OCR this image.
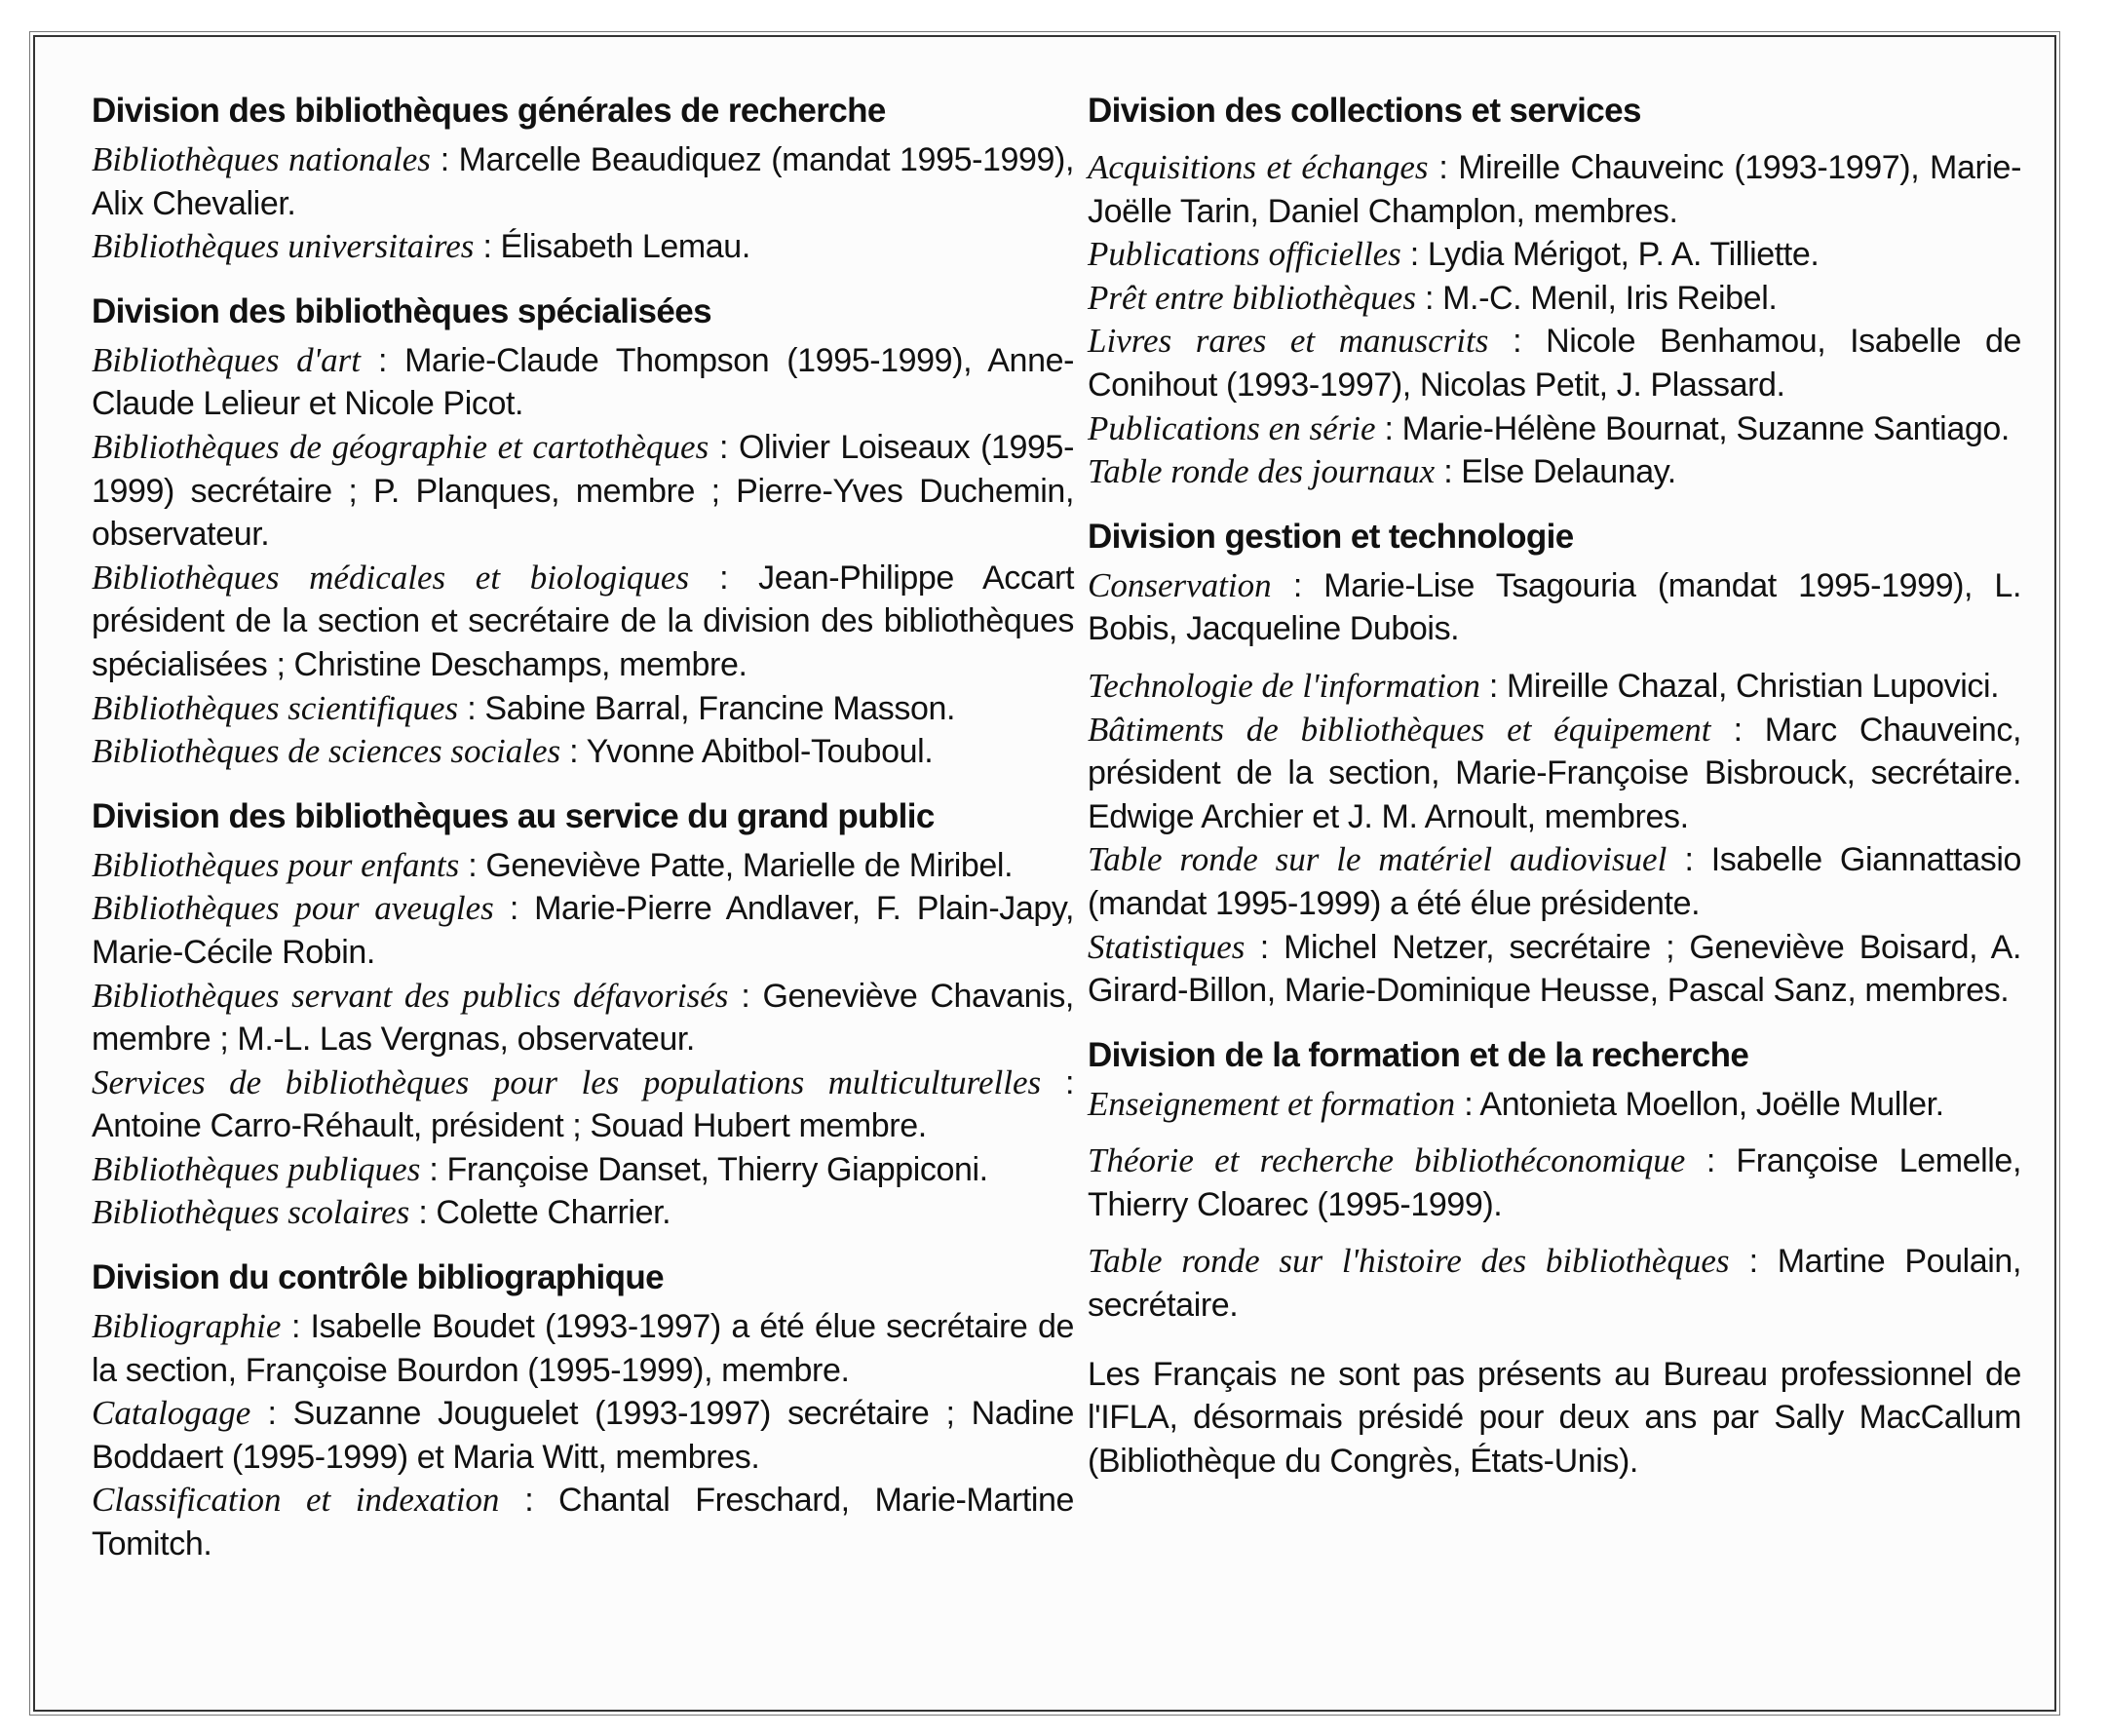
Division des bibliothèques générales de recherche

Bibliothèques nationales : Marcelle Beaudiquez (mandat 1995-1999), Alix Chevalier.

Bibliothèques universitaires : Élisabeth Lemau.

Division des bibliothèques spécialisées

Bibliothèques d'art : Marie-Claude Thompson (1995-1999), Anne-Claude Lelieur et Nicole Picot.

Bibliothèques de géographie et cartothèques : Olivier Loiseaux (1995-1999) secrétaire ; P. Planques, membre ; Pierre-Yves Duchemin, observateur.

Bibliothèques médicales et biologiques : Jean-Philippe Accart président de la section et secrétaire de la division des bibliothèques spécialisées ; Christine Deschamps, membre.

Bibliothèques scientifiques : Sabine Barral, Francine Masson.

Bibliothèques de sciences sociales : Yvonne Abitbol-Touboul.

Division des bibliothèques au service du grand public

Bibliothèques pour enfants : Geneviève Patte, Marielle de Miribel.

Bibliothèques pour aveugles : Marie-Pierre Andlaver, F. Plain-Japy, Marie-Cécile Robin.

Bibliothèques servant des publics défavorisés : Geneviève Chavanis, membre ; M.-L. Las Vergnas, observateur.

Services de bibliothèques pour les populations multiculturelles : Antoine Carro-Réhault, président ; Souad Hubert membre.

Bibliothèques publiques : Françoise Danset, Thierry Giappiconi.

Bibliothèques scolaires : Colette Charrier.

Division du contrôle bibliographique

Bibliographie : Isabelle Boudet (1993-1997) a été élue secrétaire de la section, Françoise Bourdon (1995-1999), membre.

Catalogage : Suzanne Jouguelet (1993-1997) secrétaire ; Nadine Boddaert (1995-1999) et Maria Witt, membres.

Classification et indexation : Chantal Freschard, Marie-Martine Tomitch.

Division des collections et services

Acquisitions et échanges : Mireille Chauveinc (1993-1997), Marie-Joëlle Tarin, Daniel Champlon, membres.

Publications officielles : Lydia Mérigot, P. A. Tilliette.

Prêt entre bibliothèques : M.-C. Menil, Iris Reibel.

Livres rares et manuscrits : Nicole Benhamou, Isabelle de Conihout (1993-1997), Nicolas Petit, J. Plassard.

Publications en série : Marie-Hélène Bournat, Suzanne Santiago.

Table ronde des journaux : Else Delaunay.

Division gestion et technologie

Conservation : Marie-Lise Tsagouria (mandat 1995-1999), L. Bobis, Jacqueline Dubois.

Technologie de l'information : Mireille Chazal, Christian Lupovici.

Bâtiments de bibliothèques et équipement : Marc Chauveinc, président de la section, Marie-Françoise Bisbrouck, secrétaire. Edwige Archier et J. M. Arnoult, membres.

Table ronde sur le matériel audiovisuel : Isabelle Giannattasio (mandat 1995-1999) a été élue présidente.

Statistiques : Michel Netzer, secrétaire ; Geneviève Boisard, A. Girard-Billon, Marie-Dominique Heusse, Pascal Sanz, membres.

Division de la formation et de la recherche

Enseignement et formation : Antonieta Moellon, Joëlle Muller.

Théorie et recherche bibliothéconomique : Françoise Lemelle, Thierry Cloarec (1995-1999).

Table ronde sur l'histoire des bibliothèques : Martine Poulain, secrétaire.

Les Français ne sont pas présents au Bureau professionnel de l'IFLA, désormais présidé pour deux ans par Sally MacCallum (Bibliothèque du Congrès, États-Unis).
